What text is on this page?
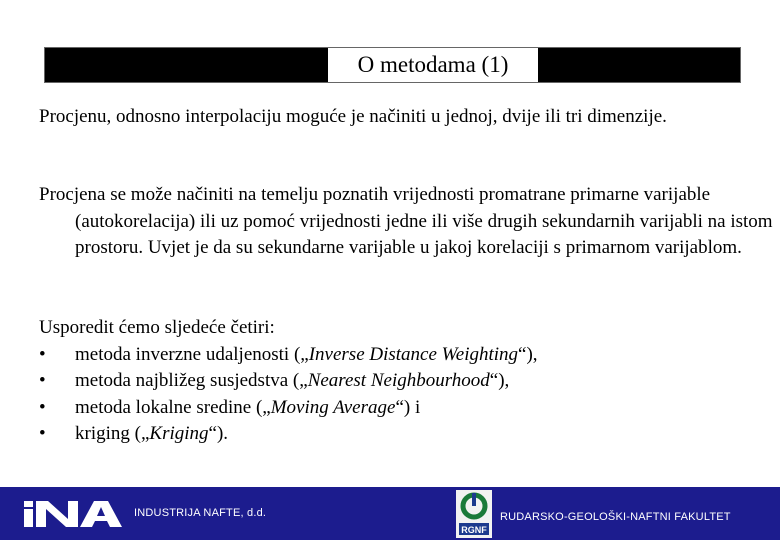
O metodama (1)
Procjenu, odnosno interpolaciju moguće je načiniti u jednoj, dvije ili tri dimenzije.
Procjena se može načiniti na temelju poznatih vrijednosti promatrane primarne varijable (autokorelacija) ili uz pomoć vrijednosti jedne ili više drugih sekundarnih varijabli na istom prostoru. Uvjet je da su sekundarne varijable u jakoj korelaciji s primarnom varijablom.
Usporedit ćemo sljedeće četiri:
• metoda inverzne udaljenosti („Inverse Distance Weighting“),
• metoda najbližeg susjedstva („Nearest Neighbourhood“),
• metoda lokalne sredine („Moving Average“) i
• kriging („Kriging“).
INDUSTRIJA NAFTE, d.d.
RGNF
RUDARSKO-GEOLOŠKI-NAFTNI FAKULTET
